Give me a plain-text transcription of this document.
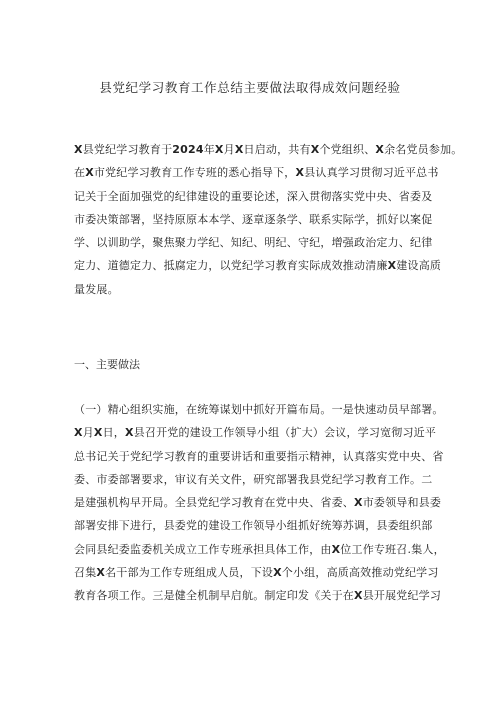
县党纪学习教育工作总结主要做法取得成效问题经验
X县党纪学习教育于2024年X月X日启动，共有X个党组织、X余名党员参加。
在X市党纪学习教育工作专班的悉心指导下，X县认真学习贯彻习近平总书
记关于全面加强党的纪律建设的重要论述，深入贯彻落实党中央、省委及
市委决策部署，坚持原原本本学、逐章逐条学、联系实际学，抓好以案促
学、以训助学，聚焦聚力学纪、知纪、明纪、守纪，增强政治定力、纪律
定力、道德定力、抵腐定力，以党纪学习教育实际成效推动清廉X建设高质
量发展。
一、主要做法
（一）精心组织实施，在统筹谋划中抓好开篇布局。一是快速动员早部署。
X月X日，X县召开党的建设工作领导小组（扩大）会议，学习宽彻习近平
总书记关于党纪学习教育的重要讲话和重要指示精神，认真落实党中央、省
委、市委部署要求，审议有关文件，研究部署我县党纪学习教育工作。二
是建强机构早开局。全县党纪学习教育在党中央、省委、X市委领导和县委
部署安排下进行，县委党的建设工作领导小组抓好统筹苏调，县委组织部
会同县纪委监委机关成立工作专班承担具体工作，由X位工作专班召.集人，
召集X名干部为工作专班组成人员，下设X个小组，高质高效推动党纪学习
教育各项工作。三是健全机制早启航。制定印发《关于在X县开展党纪学习
